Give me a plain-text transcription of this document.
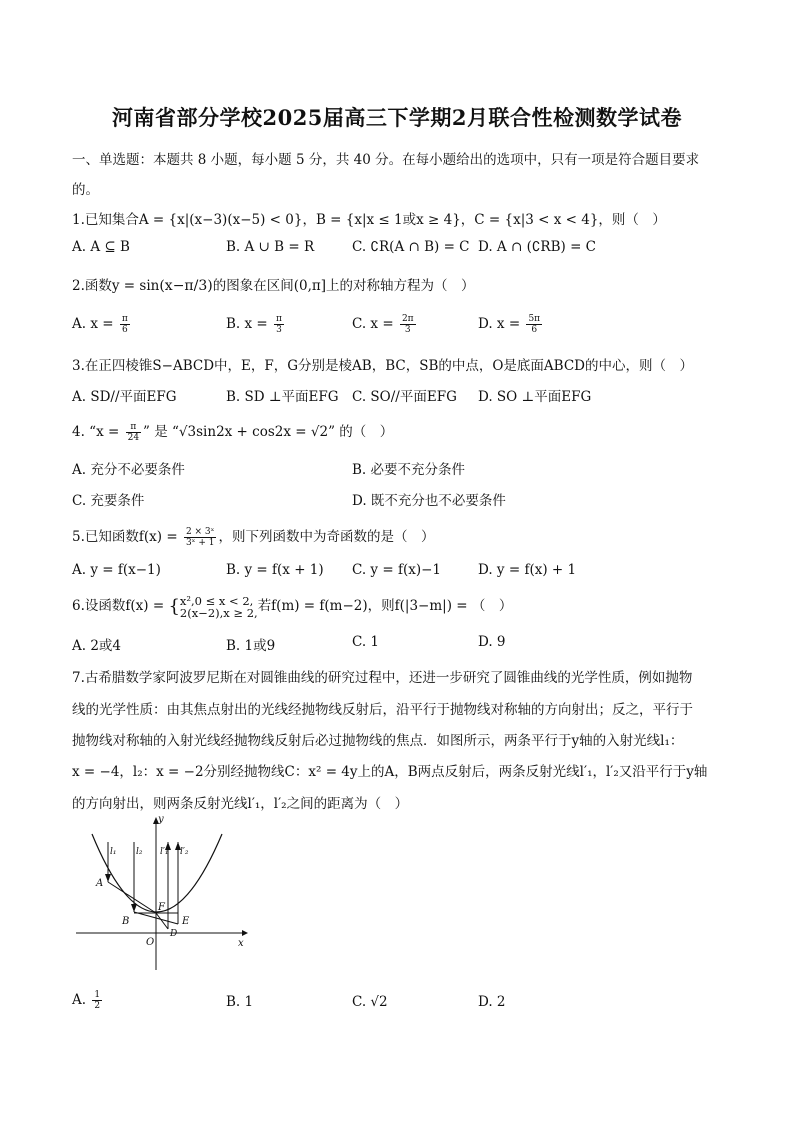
河南省部分学校2025届高三下学期2月联合性检测数学试卷
一、单选题：本题共 8 小题，每小题 5 分，共 40 分。在每小题给出的选项中，只有一项是符合题目要求
的。
1.已知集合A = {x|(x−3)(x−5) < 0}，B = {x|x ≤ 1或x ≥ 4}，C = {x|3 < x < 4}，则（　）
A. A ⊆ B	B. A ∪ B = R	C. ∁R(A ∩ B) = C D. A ∩ (∁RB) = C
2.函数y = sin(x−π/3)的图象在区间(0,π]上的对称轴方程为（　）
A. $x = \frac{\pi}{6}$	B. $x = \frac{\pi}{3}$	C. $x = \frac{2\pi}{3}$	D. $x = \frac{5\pi}{6}$
3.在正四棱锥S−ABCD中，E，F，G分别是棱AB，BC，SB的中点，O是底面ABCD的中心，则（　）
A. SD//平面EFG	B. SD ⊥平面EFG C. SO//平面EFG D. SO ⊥平面EFG
4. “$x = \frac{\pi}{24}$ ” 是 “√3sin2x + cos2x = √2” 的（　）
A. 充分不必要条件	B. 必要不充分条件
C. 充要条件	D. 既不充分也不必要条件
5.已知函数$f(x) = \frac{\text{2 × 3ˣ}}{\text{3ˣ + 1}}$ ，则下列函数中为奇函数的是（　）
A. y = f(x−1)	B. y = f(x + 1) C. y = f(x)−1	D. y = f(x) + 1
6.设函数f(x) = { x²,0 ≤ x < 2,
2(x−2),x ≥ 2, 若f(m) = f(m−2)，则f(|3−m|) = （　）
A. 2或4	B. 1或9	C. 1	D. 9
7.古希腊数学家阿波罗尼斯在对圆锥曲线的研究过程中，还进一步研究了圆锥曲线的光学性质，例如抛物
线的光学性质：由其焦点射出的光线经抛物线反射后，沿平行于抛物线对称轴的方向射出；反之，平行于
抛物线对称轴的入射光线经抛物线反射后必过抛物线的焦点．如图所示，两条平行于y轴的入射光线l₁：
x = −4，l₂：x = −2分别经抛物线C：x² = 4y上的A，B两点反射后，两条反射光线l′₁，l′₂又沿平行于y轴
的方向射出，则两条反射光线l′₁，l′₂之间的距离为（　）
y
x
O
A
B
D
E
F
l₁ l₂ l′₁ l′₂
A. $\frac{1}{2}$	B. 1	C. √2	D. 2
